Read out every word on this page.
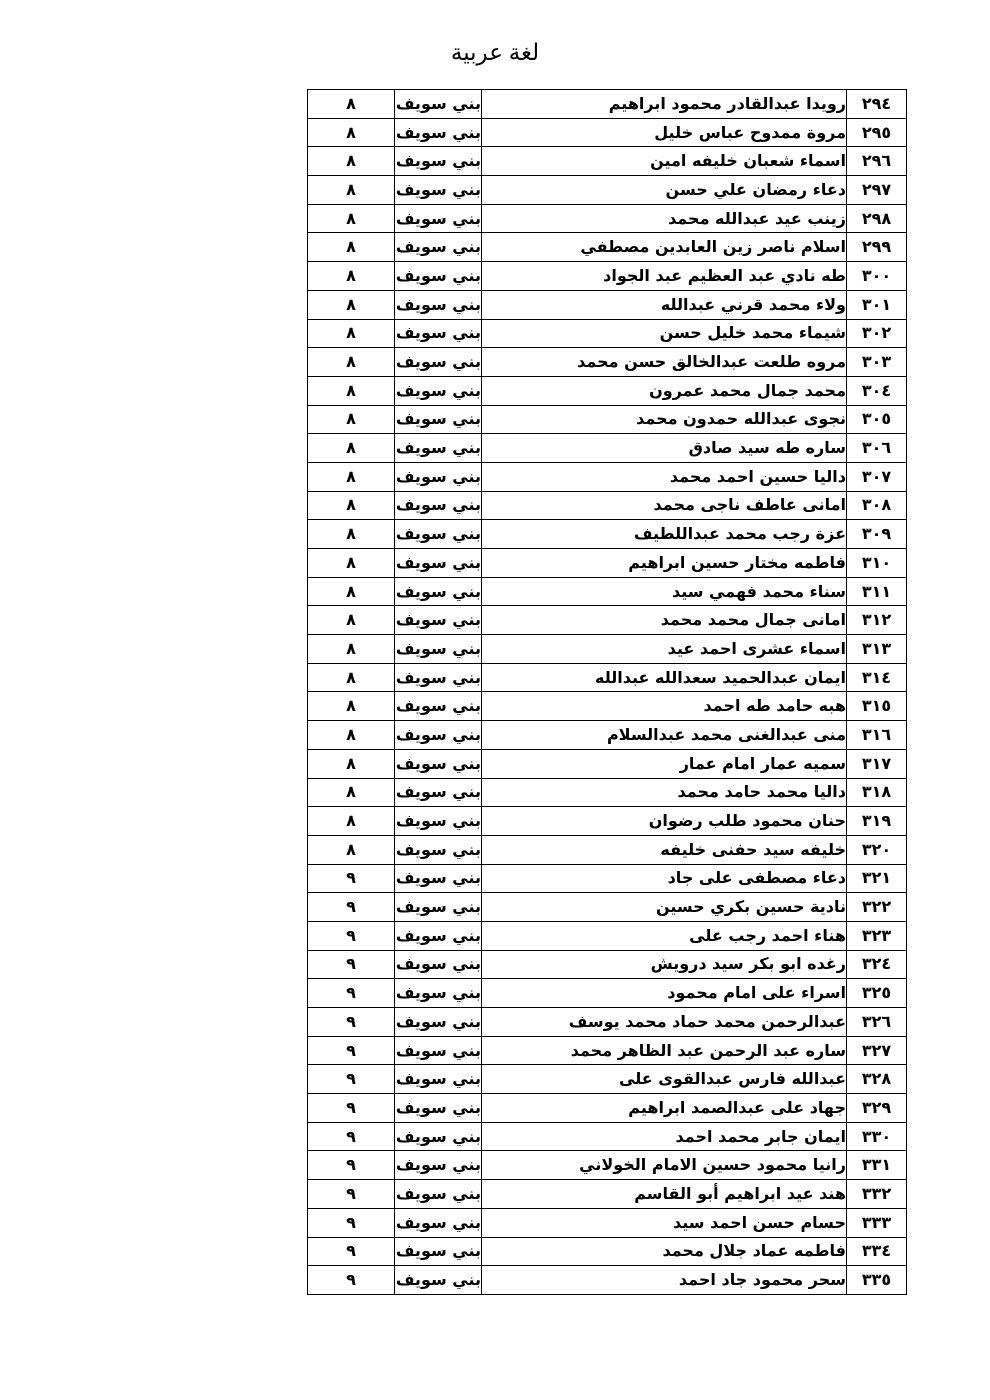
لغة عربية
٢٩٤	رويدا عبدالقادر محمود ابراهيم	بني سويف	٨
٢٩٥	مروة ممدوح عباس خليل	بني سويف	٨
٢٩٦	اسماء شعبان خليفه امين	بني سويف	٨
٢٩٧	دعاء رمضان علي حسن	بني سويف	٨
٢٩٨	زينب عيد عبدالله محمد	بني سويف	٨
٢٩٩	اسلام ناصر زين العابدين مصطفي	بني سويف	٨
٣٠٠	طه نادي عبد العظيم عبد الجواد	بني سويف	٨
٣٠١	ولاء محمد قرني عبدالله	بني سويف	٨
٣٠٢	شيماء محمد خليل حسن	بني سويف	٨
٣٠٣	مروه طلعت عبدالخالق حسن محمد	بني سويف	٨
٣٠٤	محمد جمال محمد عمرون	بني سويف	٨
٣٠٥	نجوى عبدالله حمدون محمد	بني سويف	٨
٣٠٦	ساره طه سيد صادق	بني سويف	٨
٣٠٧	داليا حسين احمد محمد	بني سويف	٨
٣٠٨	امانى عاطف ناجى محمد	بني سويف	٨
٣٠٩	عزة رجب محمد عبداللطيف	بني سويف	٨
٣١٠	فاطمه مختار حسين ابراهيم	بني سويف	٨
٣١١	سناء محمد فهمي سيد	بني سويف	٨
٣١٢	امانى جمال محمد محمد	بني سويف	٨
٣١٣	اسماء عشرى احمد عيد	بني سويف	٨
٣١٤	ايمان عبدالحميد سعدالله عبدالله	بني سويف	٨
٣١٥	هبه حامد طه احمد	بني سويف	٨
٣١٦	منى عبدالغنى محمد عبدالسلام	بني سويف	٨
٣١٧	سميه عمار امام عمار	بني سويف	٨
٣١٨	داليا محمد حامد محمد	بني سويف	٨
٣١٩	حنان محمود طلب رضوان	بني سويف	٨
٣٢٠	خليفه سيد حفنى خليفه	بني سويف	٨
٣٢١	دعاء مصطفى على جاد	بني سويف	٩
٣٢٢	نادية حسين بكري حسين	بني سويف	٩
٣٢٣	هناء احمد رجب على	بني سويف	٩
٣٢٤	رغده ابو بكر سيد درويش	بني سويف	٩
٣٢٥	اسراء على امام محمود	بني سويف	٩
٣٢٦	عبدالرحمن محمد حماد محمد يوسف	بني سويف	٩
٣٢٧	ساره عبد الرحمن عبد الظاهر محمد	بني سويف	٩
٣٢٨	عبدالله فارس عبدالقوى على	بني سويف	٩
٣٢٩	جهاد على عبدالصمد ابراهيم	بني سويف	٩
٣٣٠	ايمان جابر محمد احمد	بني سويف	٩
٣٣١	رانيا محمود حسين الامام الخولاني	بني سويف	٩
٣٣٢	هند عيد ابراهيم أبو القاسم	بني سويف	٩
٣٣٣	حسام حسن احمد سيد	بني سويف	٩
٣٣٤	فاطمه عماد جلال محمد	بني سويف	٩
٣٣٥	سحر محمود جاد احمد	بني سويف	٩
